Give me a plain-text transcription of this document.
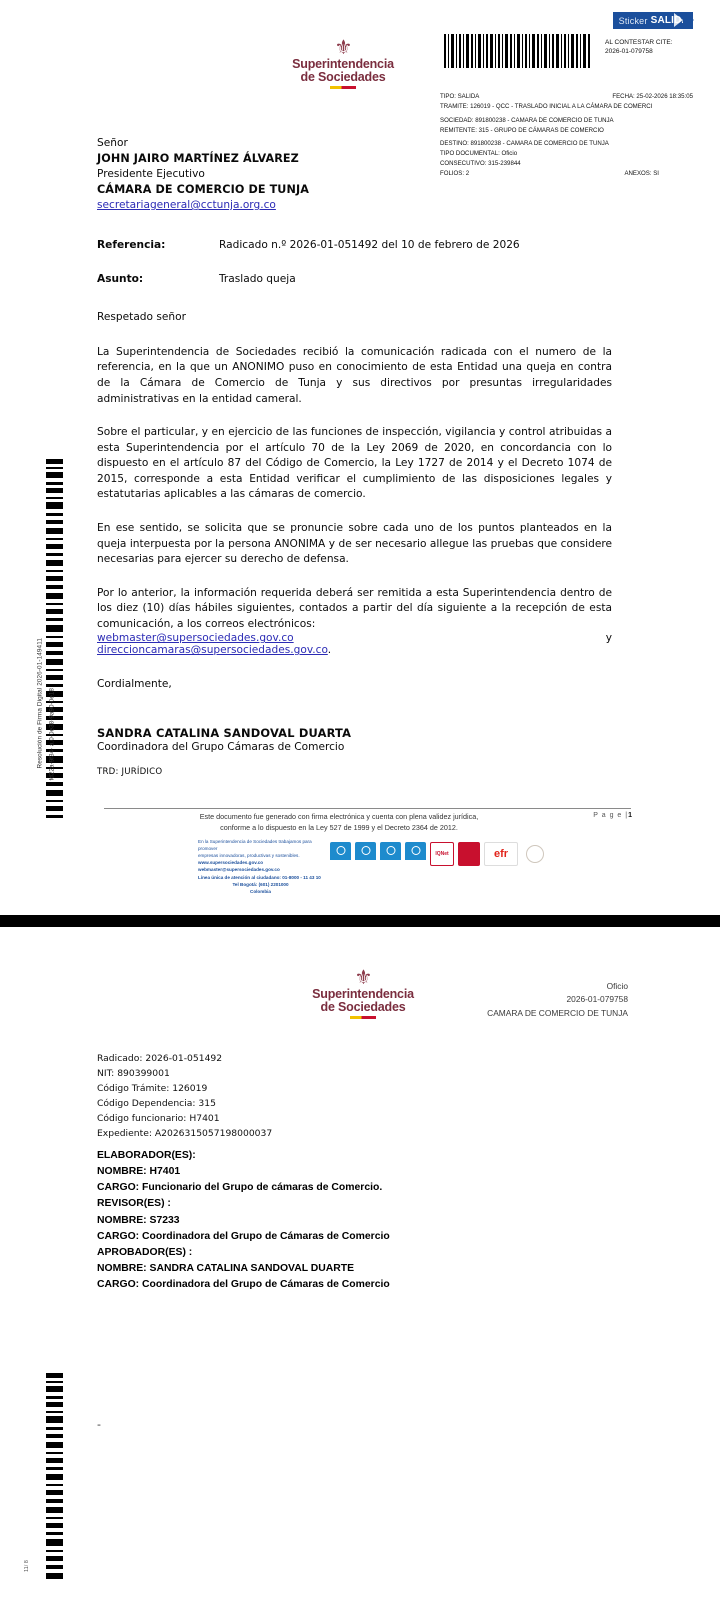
Sticker SALIDA
AL CONTESTAR CITE:
2026-01-079758
TIPO: SALIDA	FECHA: 25-02-2026 18:35:05
TRAMITE: 126019 - QCC - TRASLADO INICIAL A LA CÁMARA DE COMERCI
SOCIEDAD: 891800238 - CAMARA DE COMERCIO DE TUNJA
REMITENTE: 315 - GRUPO DE CÁMARAS DE COMERCIO
DESTINO: 891800238 - CAMARA DE COMERCIO DE TUNJA
TIPO DOCUMENTAL: Oficio
CONSECUTIVO: 315-239844
FOLIOS: 2	ANEXOS: SI
⚜
Superintendencia
de Sociedades
Resolución de Firma Digital 2026-01-149411 fd22a-9f34- a.0-0e38-9a90-0e18
Señor
JOHN JAIRO MARTÍNEZ ÁLVAREZ
Presidente Ejecutivo
CÁMARA DE COMERCIO DE TUNJA
secretariageneral@cctunja.org.co
Referencia:	Radicado n.º 2026-01-051492 del 10 de febrero de 2026
Asunto:	Traslado queja
Respetado señor

La Superintendencia de Sociedades recibió la comunicación radicada con el numero de la referencia, en la que un ANONIMO puso en conocimiento de esta Entidad una queja en contra de la Cámara de Comercio de Tunja y sus directivos por presuntas irregularidades administrativas en la entidad cameral.

Sobre el particular, y en ejercicio de las funciones de inspección, vigilancia y control atribuidas a esta Superintendencia por el artículo 70 de la Ley 2069 de 2020, en concordancia con lo dispuesto en el artículo 87 del Código de Comercio, la Ley 1727 de 2014 y el Decreto 1074 de 2015, corresponde a esta Entidad verificar el cumplimiento de las disposiciones legales y estatutarias aplicables a las cámaras de comercio.

En ese sentido, se solicita que se pronuncie sobre cada uno de los puntos planteados en la queja interpuesta por la persona ANONIMA y de ser necesario allegue las pruebas que considere necesarias para ejercer su derecho de defensa.

Por lo anterior, la información requerida deberá ser remitida a esta Superintendencia dentro de los diez (10) días hábiles siguientes, contados a partir del día siguiente a la recepción de esta comunicación, a los correos electrónicos:

webmaster@supersociedades.gov.co
direccioncamaras@supersociedades.gov.co.
y
Cordialmente,
SANDRA CATALINA SANDOVAL DUARTA
Coordinadora del Grupo Cámaras de Comercio
TRD: JURÍDICO
Este documento fue generado con firma electrónica y cuenta con plena validez jurídica,
conforme a lo dispuesto en la Ley 527 de 1999 y el Decreto 2364 de 2012.
P a g e |1
En la Superintendencia de Sociedades trabajamos para promover
empresas innovadoras, productivas y sostenibles.
www.supersociedades.gov.co
webmaster@supersociedades.gov.co
Línea única de atención al ciudadano: 01-8000 - 11 43 10
Tel Bogotá: (601) 2201000
Colombia
IQNet	efr
⚜
Superintendencia
de Sociedades
Oficio
2026-01-079758
CAMARA DE COMERCIO DE TUNJA
Radicado: 2026-01-051492
NIT: 890399001
Código Trámite: 126019
Código Dependencia: 315
Código funcionario: H7401
Expediente: A2026315057198000037
ELABORADOR(ES):
NOMBRE: H7401
CARGO: Funcionario del Grupo de cámaras de Comercio.
REVISOR(ES) :
NOMBRE: S7233
CARGO: Coordinadora del Grupo de Cámaras de Comercio
APROBADOR(ES) :
NOMBRE: SANDRA CATALINA SANDOVAL DUARTE
CARGO: Coordinadora del Grupo de Cámaras de Comercio
-
11/ 8
